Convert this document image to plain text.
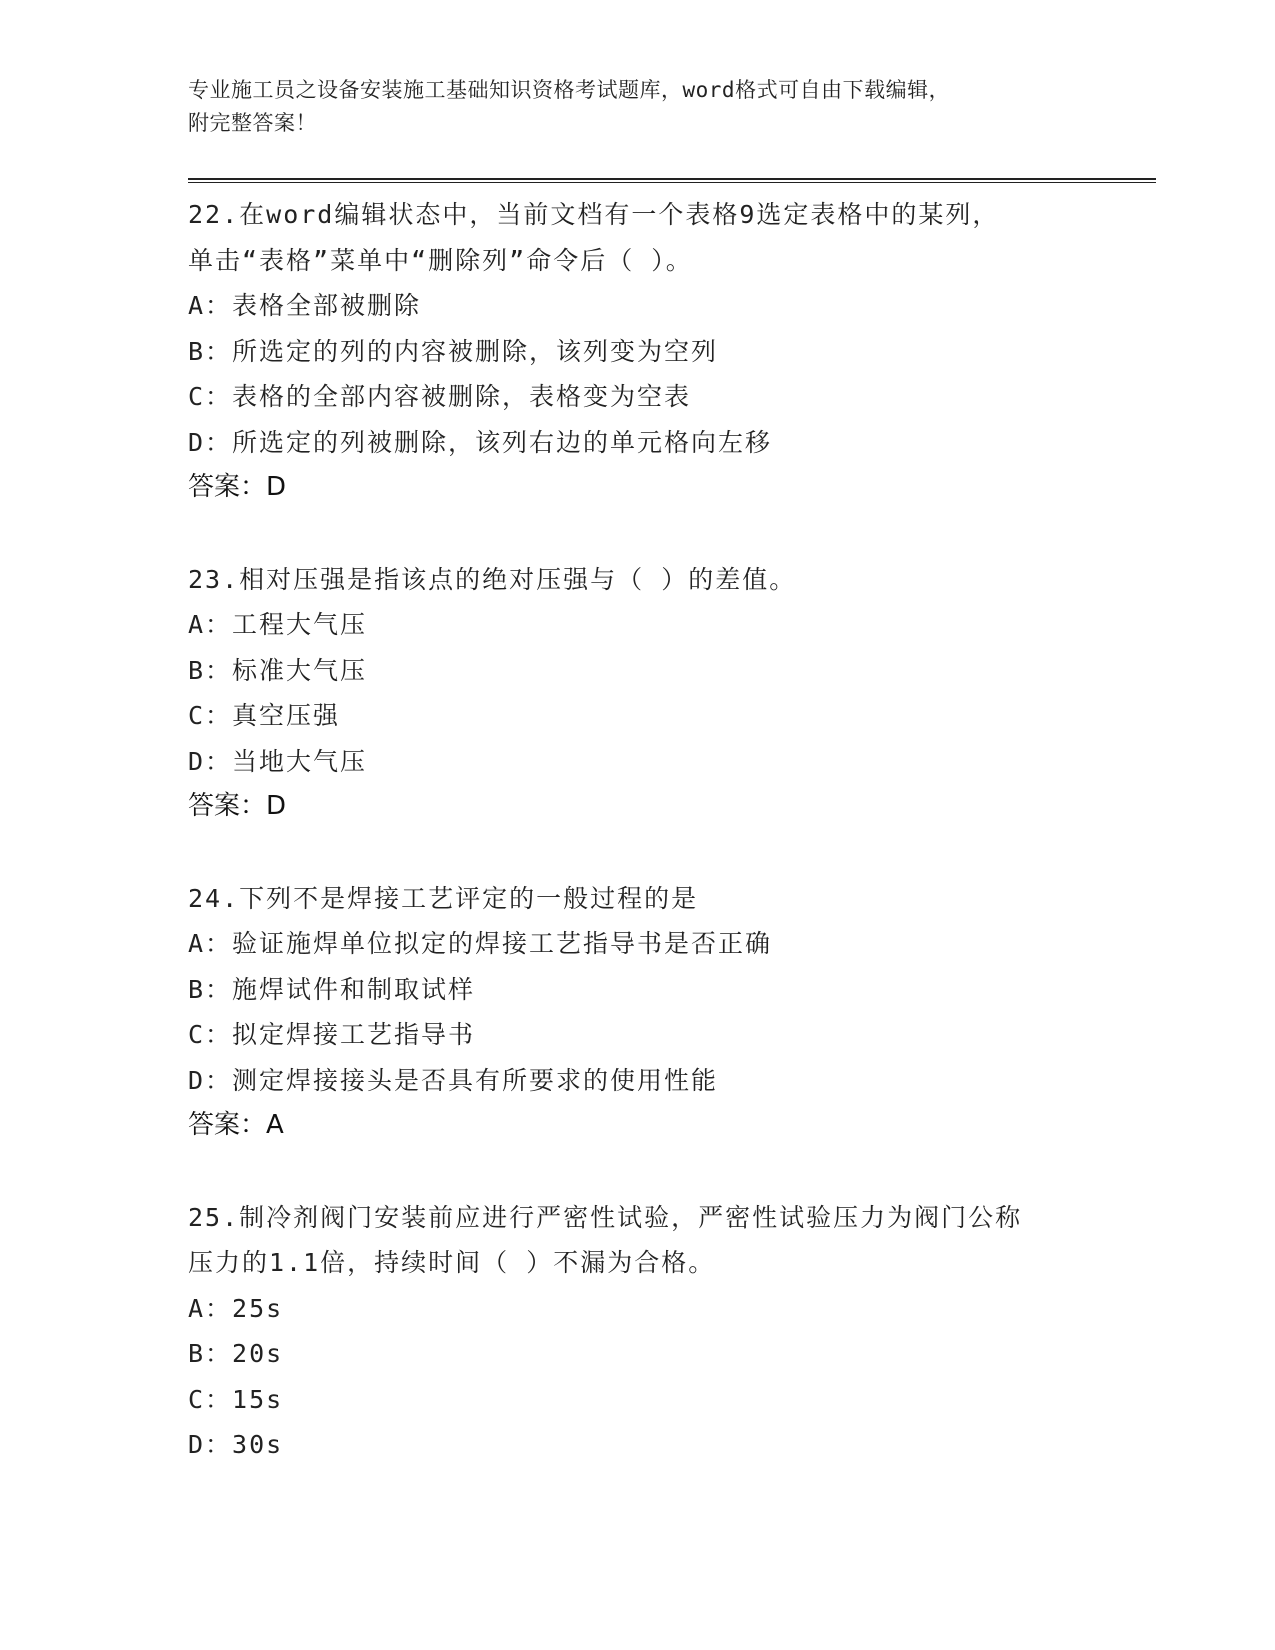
专业施工员之设备安装施工基础知识资格考试题库，word格式可自由下载编辑，
附完整答案！
22.在word编辑状态中，当前文档有一个表格9选定表格中的某列，
单击“表格”菜单中“删除列”命令后（ ）。
A：表格全部被删除
B：所选定的列的内容被删除，该列变为空列
C：表格的全部内容被删除，表格变为空表
D：所选定的列被删除，该列右边的单元格向左移
答案：D
23.相对压强是指该点的绝对压强与（ ）的差值。
A：工程大气压
B：标准大气压
C：真空压强
D：当地大气压
答案：D
24.下列不是焊接工艺评定的一般过程的是
A：验证施焊单位拟定的焊接工艺指导书是否正确
B：施焊试件和制取试样
C：拟定焊接工艺指导书
D：测定焊接接头是否具有所要求的使用性能
答案：A
25.制冷剂阀门安装前应进行严密性试验，严密性试验压力为阀门公称
压力的1.1倍，持续时间（ ）不漏为合格。
A：25s
B：20s
C：15s
D：30s
